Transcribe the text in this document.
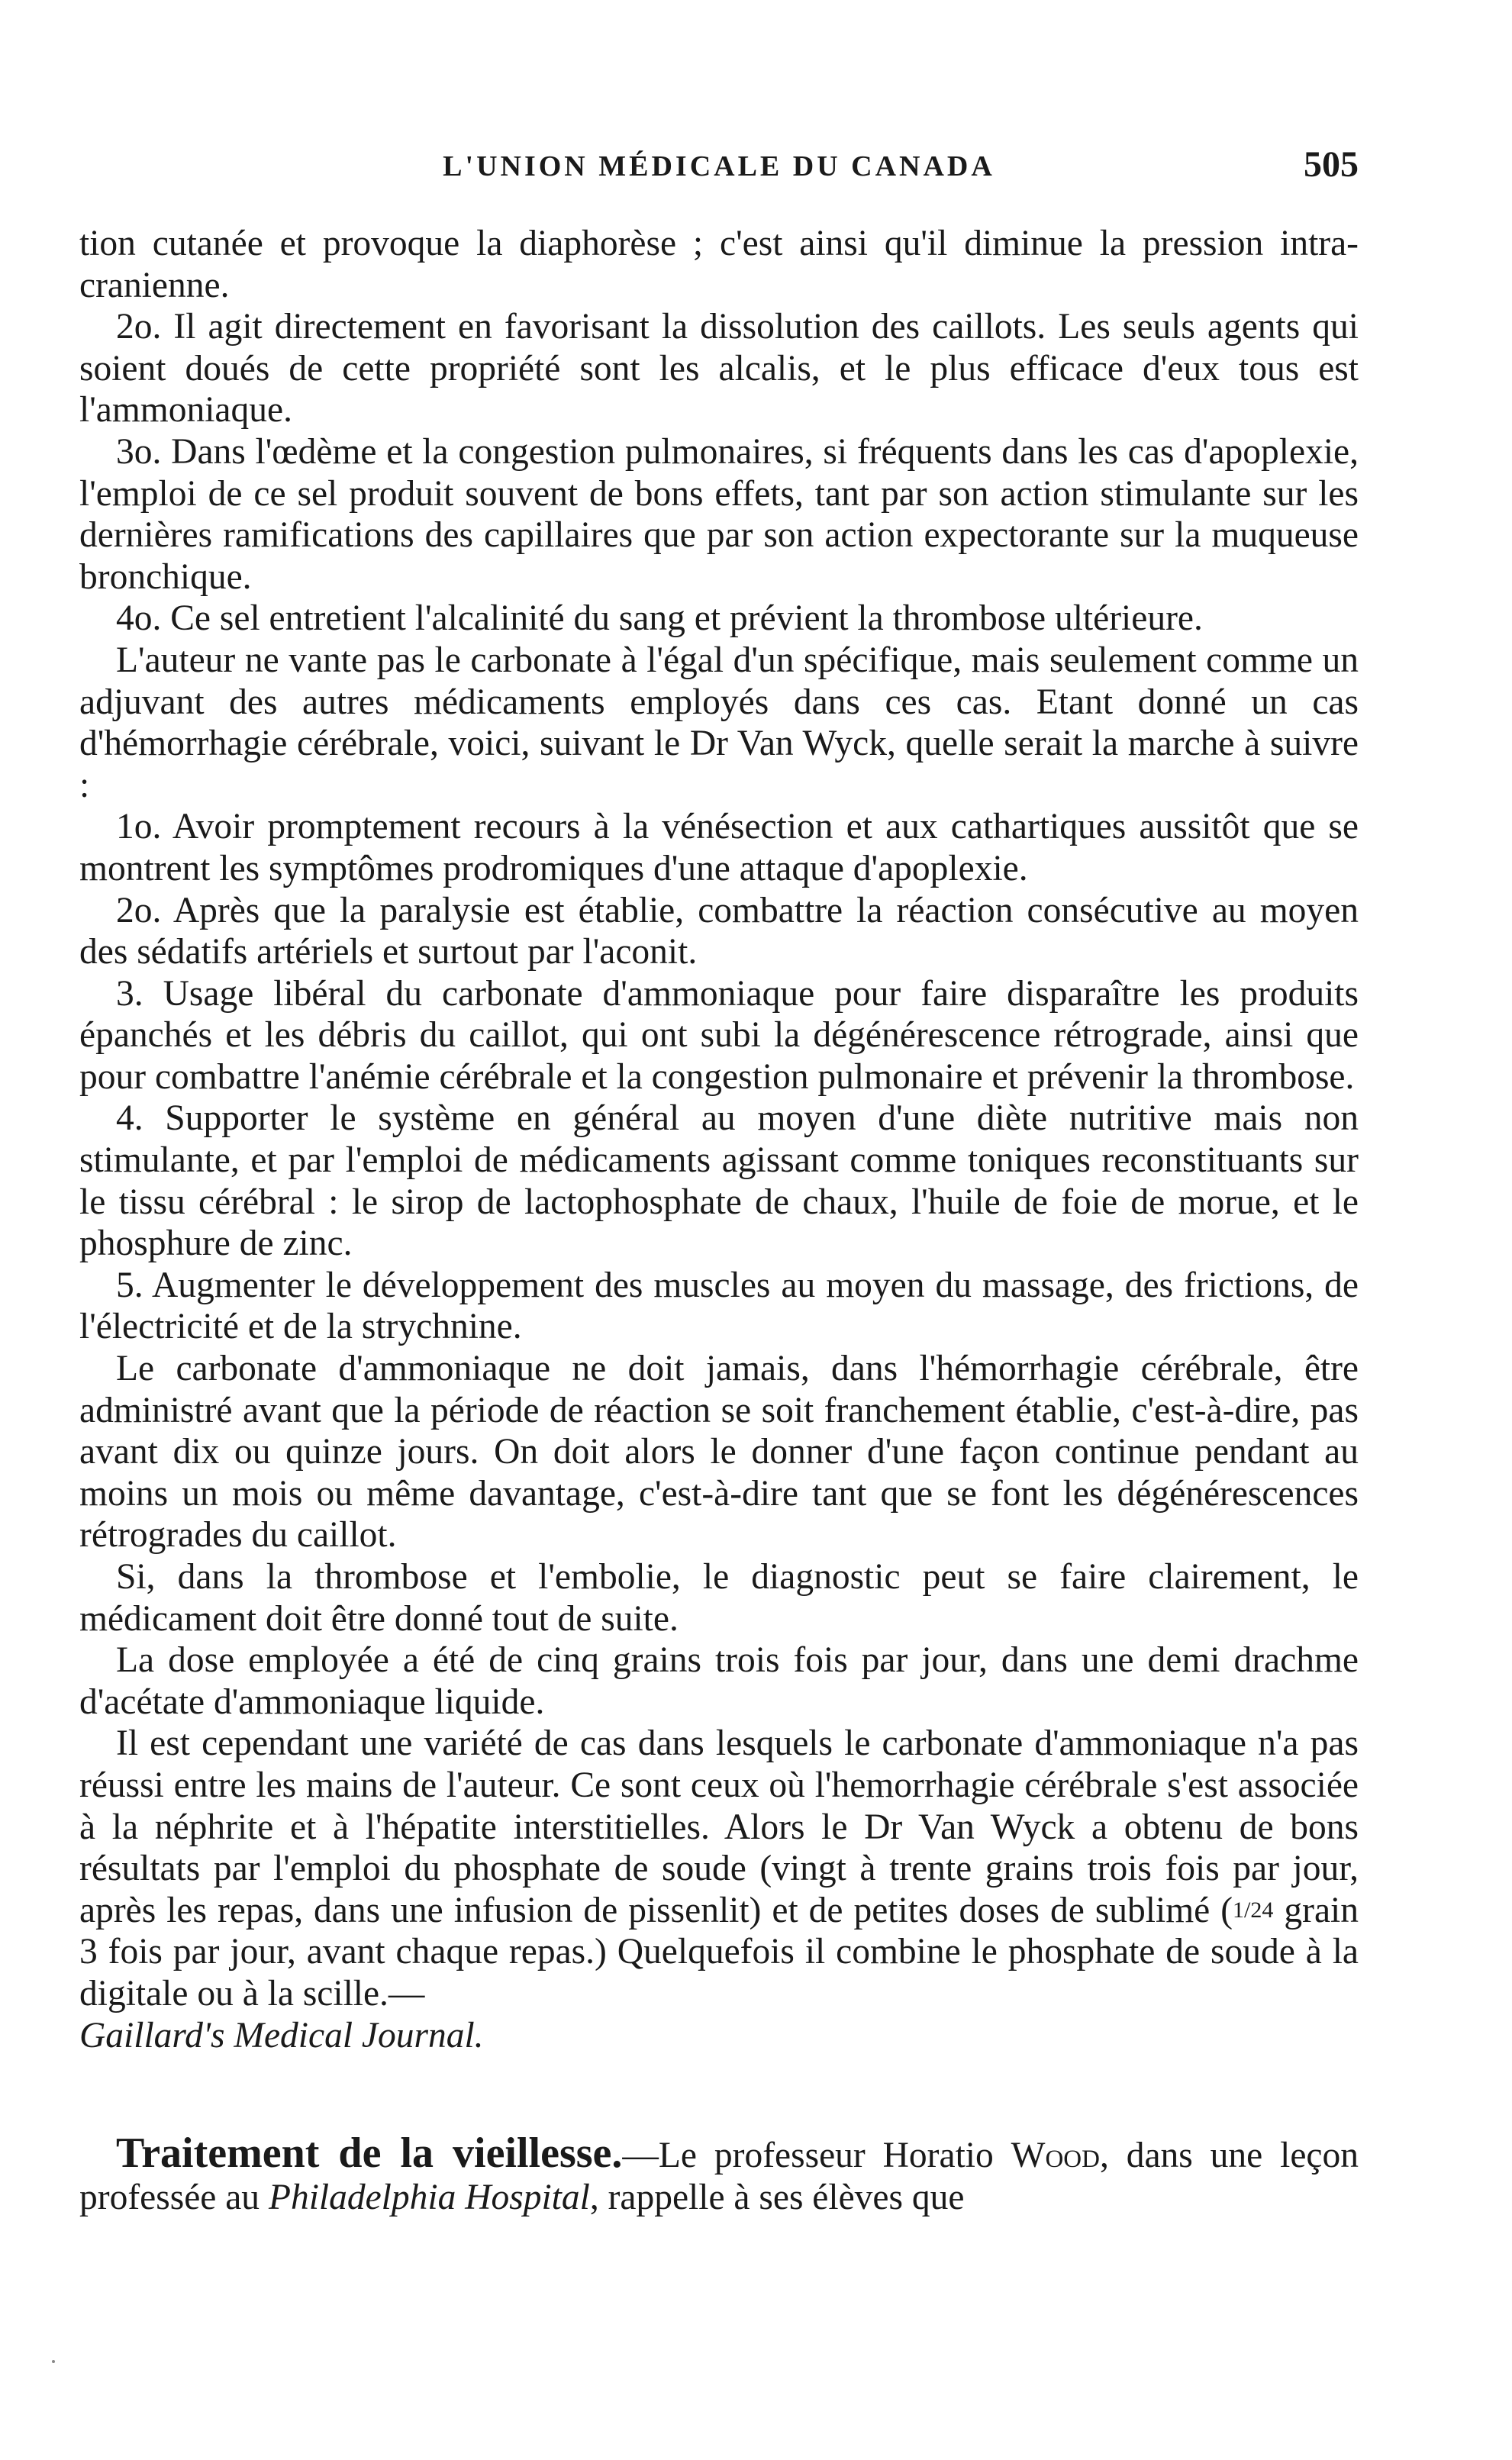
L'UNION MÉDICALE DU CANADA	505

tion cutanée et provoque la diaphorèse ; c'est ainsi qu'il diminue la pression intra-cranienne.

2o. Il agit directement en favorisant la dissolution des caillots. Les seuls agents qui soient doués de cette propriété sont les alcalis, et le plus efficace d'eux tous est l'ammoniaque.

3o. Dans l'œdème et la congestion pulmonaires, si fréquents dans les cas d'apoplexie, l'emploi de ce sel produit souvent de bons effets, tant par son action stimulante sur les dernières ramifications des capillaires que par son action expectorante sur la muqueuse bronchique.

4o. Ce sel entretient l'alcalinité du sang et prévient la thrombose ultérieure.

L'auteur ne vante pas le carbonate à l'égal d'un spécifique, mais seulement comme un adjuvant des autres médicaments employés dans ces cas. Etant donné un cas d'hémorrhagie cérébrale, voici, suivant le Dr Van Wyck, quelle serait la marche à suivre :

1o. Avoir promptement recours à la vénésection et aux cathartiques aussitôt que se montrent les symptômes prodromiques d'une attaque d'apoplexie.

2o. Après que la paralysie est établie, combattre la réaction consécutive au moyen des sédatifs artériels et surtout par l'aconit.

3. Usage libéral du carbonate d'ammoniaque pour faire disparaître les produits épanchés et les débris du caillot, qui ont subi la dégénérescence rétrograde, ainsi que pour combattre l'anémie cérébrale et la congestion pulmonaire et prévenir la thrombose.

4. Supporter le système en général au moyen d'une diète nutritive mais non stimulante, et par l'emploi de médicaments agissant comme toniques reconstituants sur le tissu cérébral : le sirop de lactophosphate de chaux, l'huile de foie de morue, et le phosphure de zinc.

5. Augmenter le développement des muscles au moyen du massage, des frictions, de l'électricité et de la strychnine.

Le carbonate d'ammoniaque ne doit jamais, dans l'hémorrhagie cérébrale, être administré avant que la période de réaction se soit franchement établie, c'est-à-dire, pas avant dix ou quinze jours. On doit alors le donner d'une façon continue pendant au moins un mois ou même davantage, c'est-à-dire tant que se font les dégénérescences rétrogrades du caillot.

Si, dans la thrombose et l'embolie, le diagnostic peut se faire clairement, le médicament doit être donné tout de suite.

La dose employée a été de cinq grains trois fois par jour, dans une demi drachme d'acétate d'ammoniaque liquide.

Il est cependant une variété de cas dans lesquels le carbonate d'ammoniaque n'a pas réussi entre les mains de l'auteur. Ce sont ceux où l'hemorrhagie cérébrale s'est associée à la néphrite et à l'hépatite interstitielles. Alors le Dr Van Wyck a obtenu de bons résultats par l'emploi du phosphate de soude (vingt à trente grains trois fois par jour, après les repas, dans une infusion de pissenlit) et de petites doses de sublimé (1/24 grain 3 fois par jour, avant chaque repas.) Quelquefois il combine le phosphate de soude à la digitale ou à la scille.—
Gaillard's Medical Journal.

Traitement de la vieillesse.—Le professeur Horatio Wood, dans une leçon professée au Philadelphia Hospital, rappelle à ses élèves que
